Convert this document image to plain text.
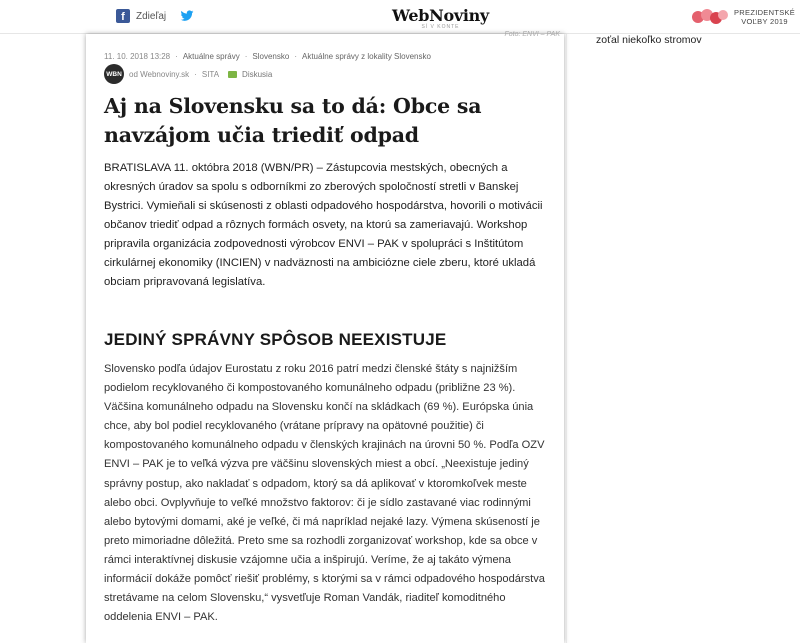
f	Zdieľaj	WebNoviny
SÍ V KONTE
PREZIDENTSKÉ
VOĽBY 2019
Foto: ENVI – PAK
11. 10. 2018 13:28 · Aktuálne správy · Slovensko · Aktuálne správy z lokality Slovensko
WBN od Webnoviny.sk · SITA	Diskusia
Aj na Slovensku sa to dá: Obce sa navzájom učia triediť odpad

BRATISLAVA 11. októbra 2018 (WBN/PR) – Zástupcovia mestských, obecných a okresných úradov sa spolu s odborníkmi zo zberových spoločností stretli v Banskej Bystrici. Vymieňali si skúsenosti z oblasti odpadového hospodárstva, hovorili o motivácii občanov triediť odpad a rôznych formách osvety, na ktorú sa zameriavajú. Workshop pripravila organizácia zodpovednosti výrobcov ENVI – PAK v spolupráci s Inštitútom cirkulárnej ekonomiky (INCIEN) v nadväznosti na ambiciózne ciele zberu, ktoré ukladá obciam pripravovaná legislatíva.

JEDINÝ SPRÁVNY SPÔSOB NEEXISTUJE

Slovensko podľa údajov Eurostatu z roku 2016 patrí medzi členské štáty s najnižším podielom recyklovaného či kompostovaného komunálneho odpadu (približne 23 %). Väčšina komunálneho odpadu na Slovensku končí na skládkach (69 %). Európska únia chce, aby bol podiel recyklovaného (vrátane prípravy na opätovné použitie) či kompostovaného komunálneho odpadu v členských krajinách na úrovni 50 %. Podľa OZV ENVI – PAK je to veľká výzva pre väčšinu slovenských miest a obcí. „Neexistuje jediný správny postup, ako nakladať s odpadom, ktorý sa dá aplikovať v ktoromkoľvek meste alebo obci. Ovplyvňuje to veľké množstvo faktorov: či je sídlo zastavané viac rodinnými alebo bytovými domami, aké je veľké, či má napríklad nejaké lazy. Výmena skúseností je preto mimoriadne dôležitá. Preto sme sa rozhodli zorganizovať workshop, kde sa obce v rámci interaktívnej diskusie vzájomne učia a inšpirujú. Veríme, že aj takáto výmena informácií dokáže pomôcť riešiť problémy, s ktorými sa v rámci odpadového hospodárstva stretávame na celom Slovensku,“ vysvetľuje Roman Vandák, riaditeľ komoditného oddelenia ENVI – PAK.

zoťal niekoľko stromov
